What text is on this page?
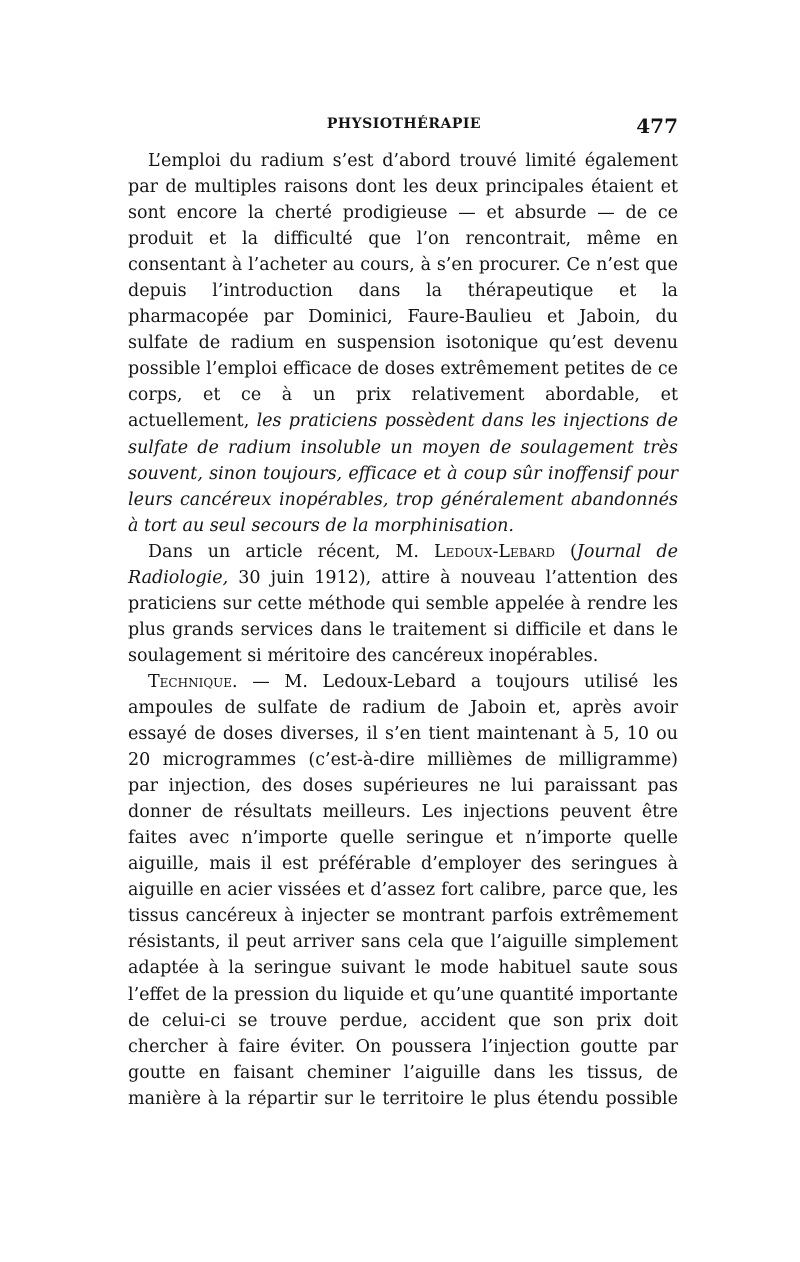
PHYSIOTHÉRAPIE	477

L’emploi du radium s’est d’abord trouvé limité également par de multiples raisons dont les deux principales étaient et sont encore la cherté prodigieuse — et absurde — de ce produit et la difficulté que l’on rencontrait, même en consentant à l’acheter au cours, à s’en procurer. Ce n’est que depuis l’introduction dans la thérapeutique et la pharmacopée par Dominici, Faure-Baulieu et Jaboin, du sulfate de radium en suspension isotonique qu’est devenu possible l’emploi efficace de doses extrêmement petites de ce corps, et ce à un prix relativement abordable, et actuellement, les praticiens possèdent dans les injections de sulfate de radium insoluble un moyen de soulagement très souvent, sinon toujours, efficace et à coup sûr inoffensif pour leurs cancéreux inopérables, trop généralement abandonnés à tort au seul secours de la morphinisation.

Dans un article récent, M. Ledoux-Lebard (Journal de Radiologie, 30 juin 1912), attire à nouveau l’attention des praticiens sur cette méthode qui semble appelée à rendre les plus grands services dans le traitement si difficile et dans le soulagement si méritoire des cancéreux inopérables.

Technique. — M. Ledoux-Lebard a toujours utilisé les ampoules de sulfate de radium de Jaboin et, après avoir essayé de doses diverses, il s’en tient maintenant à 5, 10 ou 20 microgrammes (c’est-à-dire millièmes de milligramme) par injection, des doses supérieures ne lui paraissant pas donner de résultats meilleurs. Les injections peuvent être faites avec n’importe quelle seringue et n’importe quelle aiguille, mais il est préférable d’employer des seringues à aiguille en acier vissées et d’assez fort calibre, parce que, les tissus cancéreux à injecter se montrant parfois extrêmement résistants, il peut arriver sans cela que l’aiguille simplement adaptée à la seringue suivant le mode habituel saute sous l’effet de la pression du liquide et qu’une quantité importante de celui-ci se trouve perdue, accident que son prix doit chercher à faire éviter. On poussera l’injection goutte par goutte en faisant cheminer l’aiguille dans les tissus, de manière à la répartir sur le territoire le plus étendu possible
